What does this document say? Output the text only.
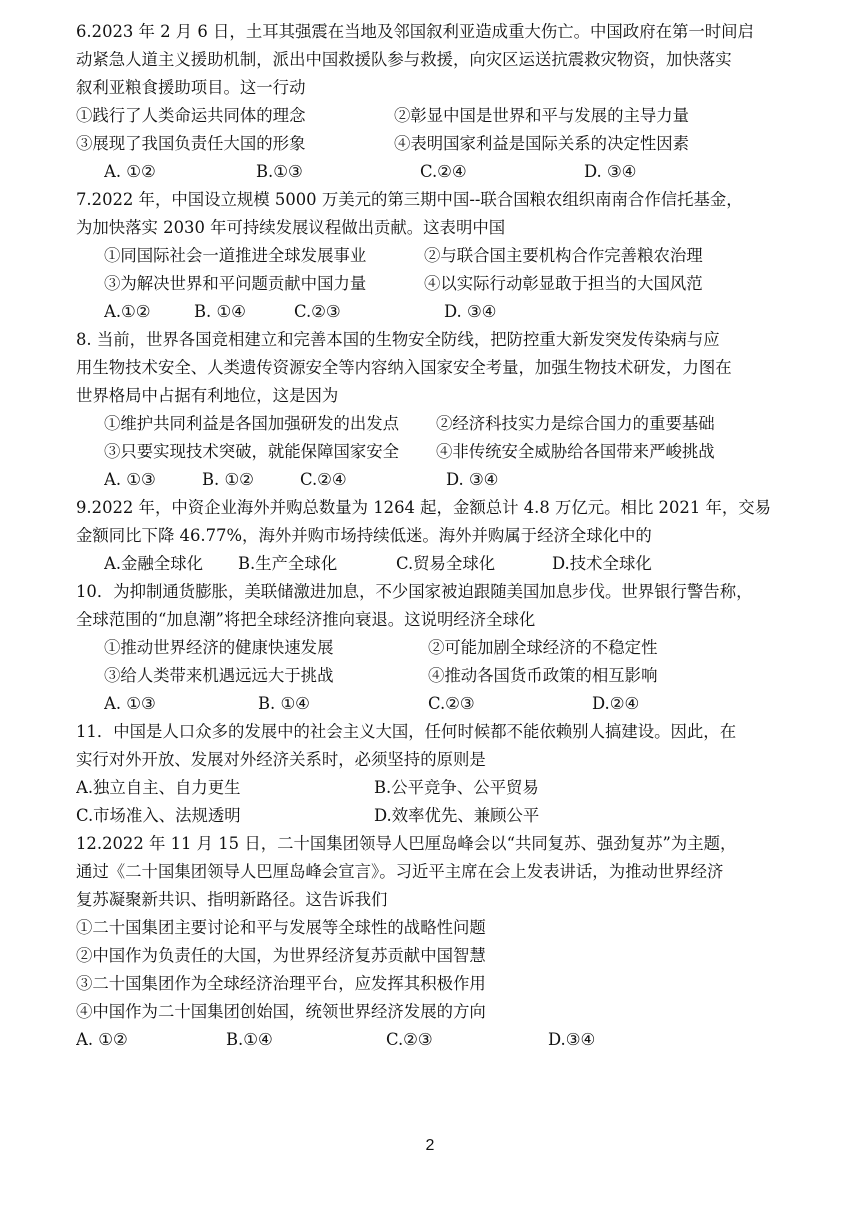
6.2023 年 2 月 6 日，土耳其强震在当地及邻国叙利亚造成重大伤亡。中国政府在第一时间启
动紧急人道主义援助机制，派出中国救援队参与救援，向灾区运送抗震救灾物资，加快落实
叙利亚粮食援助项目。这一行动
①践行了人类命运共同体的理念	②彰显中国是世界和平与发展的主导力量
③展现了我国负责任大国的形象	④表明国家利益是国际关系的决定性因素
A. ①②	B.①③	C.②④	D. ③④
7.2022 年，中国设立规模 5000 万美元的第三期中国--联合国粮农组织南南合作信托基金，
为加快落实 2030 年可持续发展议程做出贡献。这表明中国
①同国际社会一道推进全球发展事业	②与联合国主要机构合作完善粮农治理
③为解决世界和平问题贡献中国力量	④以实际行动彰显敢于担当的大国风范
A.①②	B. ①④	C.②③	D. ③④
8. 当前，世界各国竞相建立和完善本国的生物安全防线，把防控重大新发突发传染病与应
用生物技术安全、人类遗传资源安全等内容纳入国家安全考量，加强生物技术研发，力图在
世界格局中占据有利地位，这是因为
①维护共同利益是各国加强研发的出发点	②经济科技实力是综合国力的重要基础
③只要实现技术突破，就能保障国家安全	④非传统安全威胁给各国带来严峻挑战
A. ①③	B. ①②	C.②④	D. ③④
9.2022 年，中资企业海外并购总数量为 1264 起，金额总计 4.8 万亿元。相比 2021 年，交易
金额同比下降 46.77%，海外并购市场持续低迷。海外并购属于经济全球化中的
A.金融全球化	B.生产全球化	C.贸易全球化	D.技术全球化
10．为抑制通货膨胀，美联储激进加息，不少国家被迫跟随美国加息步伐。世界银行警告称，
全球范围的“加息潮”将把全球经济推向衰退。这说明经济全球化
①推动世界经济的健康快速发展	②可能加剧全球经济的不稳定性
③给人类带来机遇远远大于挑战	④推动各国货币政策的相互影响
A. ①③	B. ①④	C.②③	D.②④
11．中国是人口众多的发展中的社会主义大国，任何时候都不能依赖别人搞建设。因此，在
实行对外开放、发展对外经济关系时，必须坚持的原则是
A.独立自主、自力更生	B.公平竞争、公平贸易
C.市场准入、法规透明	D.效率优先、兼顾公平
12.2022 年 11 月 15 日，二十国集团领导人巴厘岛峰会以“共同复苏、强劲复苏”为主题，
通过《二十国集团领导人巴厘岛峰会宣言》。习近平主席在会上发表讲话，为推动世界经济
复苏凝聚新共识、指明新路径。这告诉我们
①二十国集团主要讨论和平与发展等全球性的战略性问题
②中国作为负责任的大国，为世界经济复苏贡献中国智慧
③二十国集团作为全球经济治理平台，应发挥其积极作用
④中国作为二十国集团创始国，统领世界经济发展的方向
A. ①②	B.①④	C.②③	D.③④
2
